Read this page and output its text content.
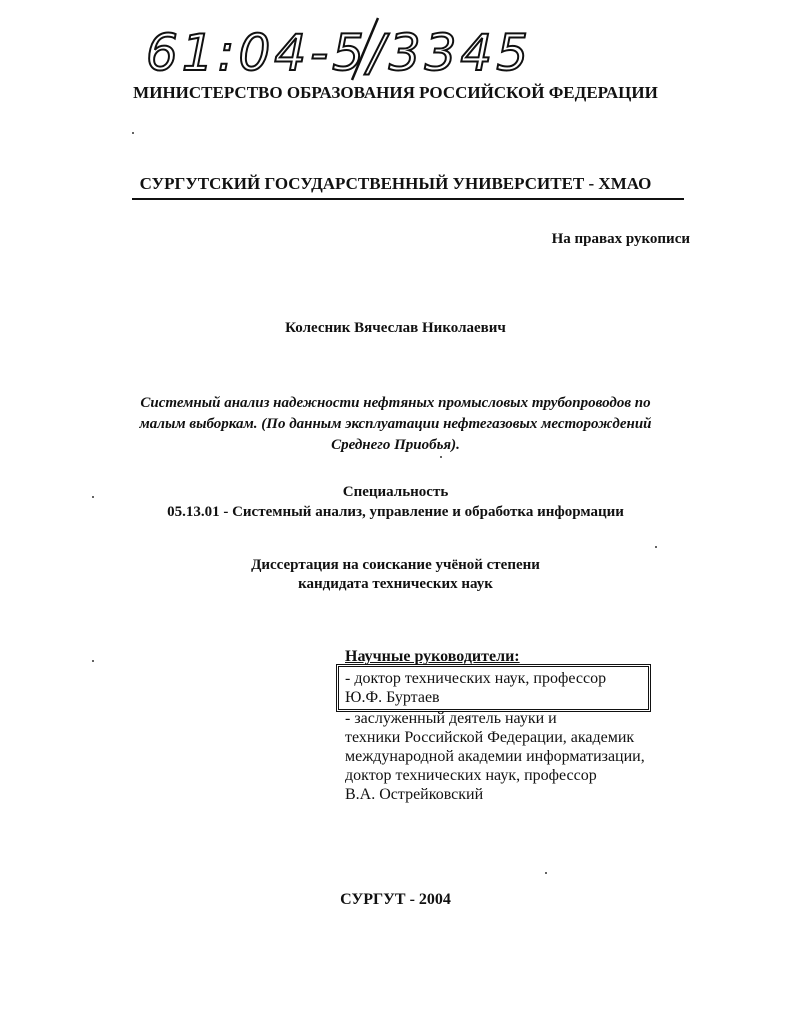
61:04-5/3345
МИНИСТЕРСТВО ОБРАЗОВАНИЯ РОССИЙСКОЙ ФЕДЕРАЦИИ
СУРГУТСКИЙ ГОСУДАРСТВЕННЫЙ УНИВЕРСИТЕТ - ХМАО
На правах рукописи
Колесник Вячеслав Николаевич
Системный анализ надежности нефтяных промысловых трубопроводов по
малым выборкам. (По данным эксплуатации нефтегазовых месторождений
Среднего Приобья).
Специальность
05.13.01 - Системный анализ, управление и обработка информации
Диссертация на соискание учёной степени
кандидата технических наук
Научные руководители:
- доктор технических наук, профессор
Ю.Ф. Буртаев
- заслуженный деятель науки и
техники Российской Федерации, академик
международной академии информатизации,
доктор технических наук, профессор
В.А. Острейковский
СУРГУТ - 2004
